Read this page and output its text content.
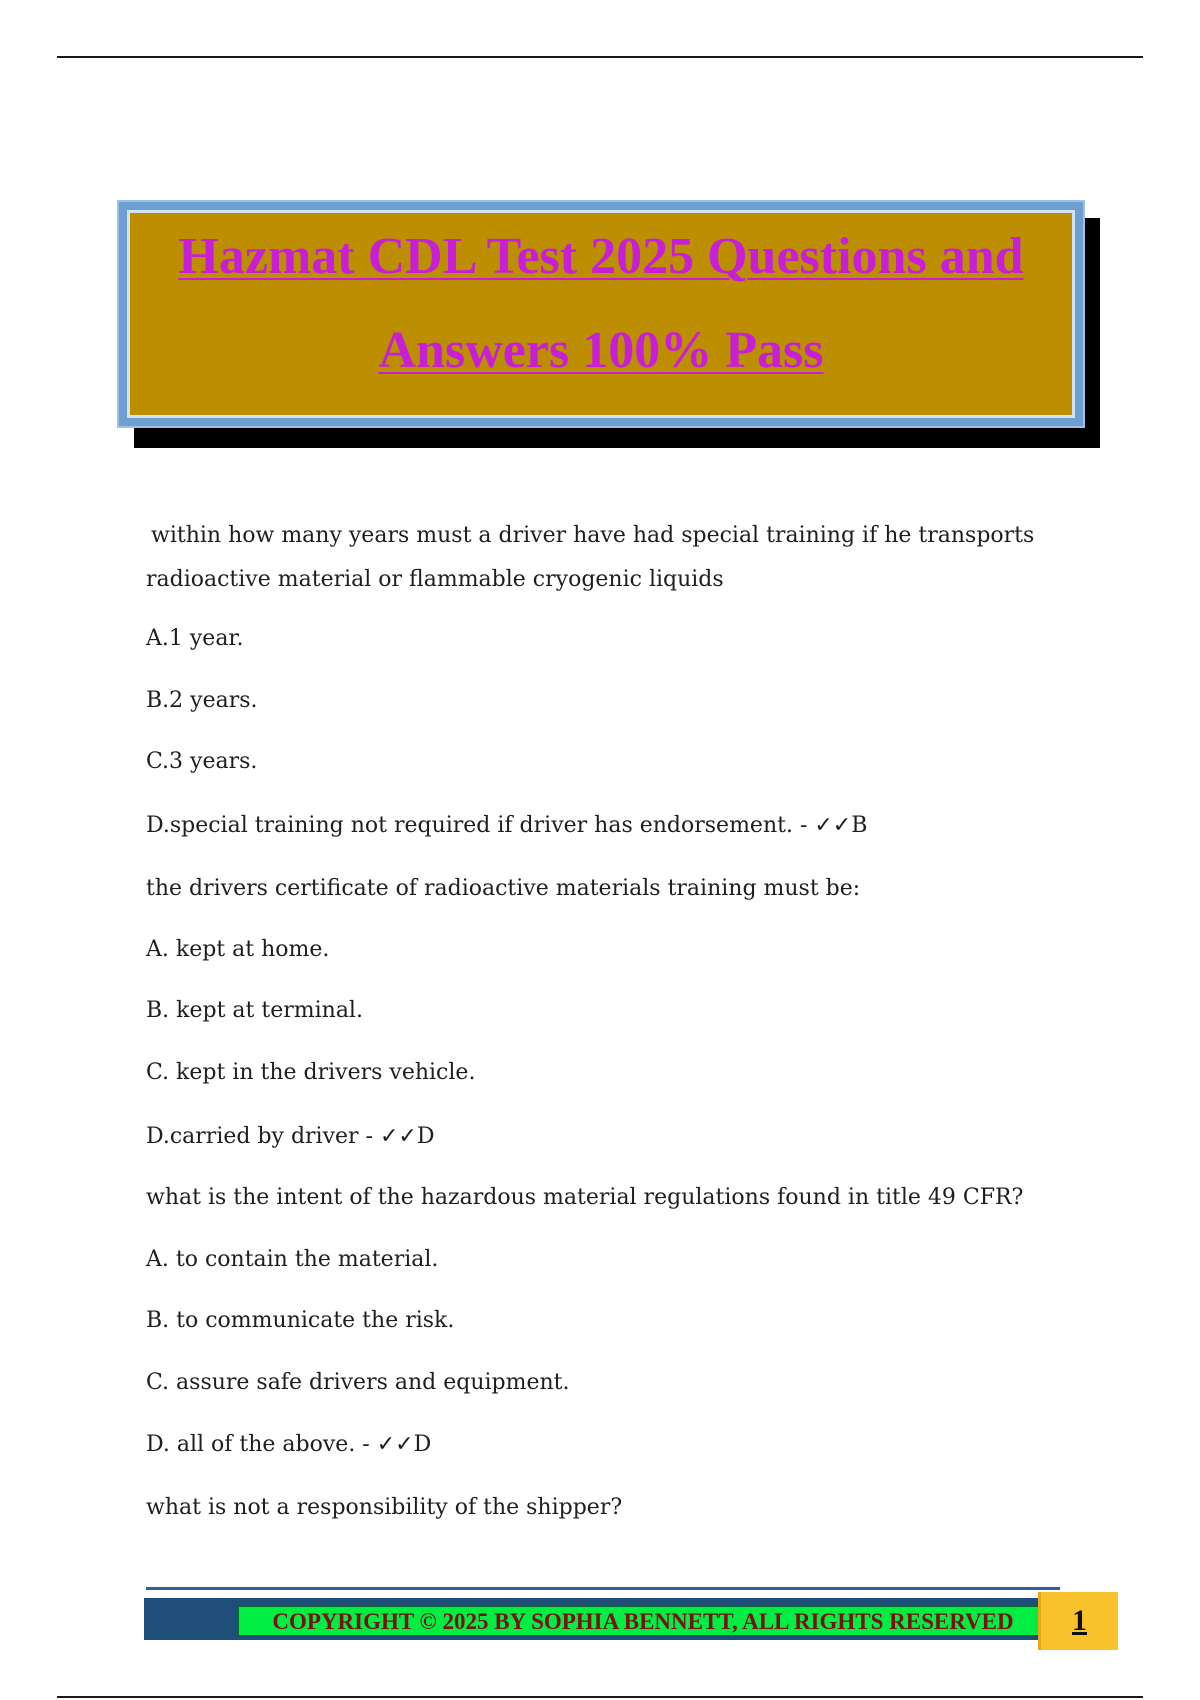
Hazmat CDL Test 2025 Questions and
Answers 100% Pass
within how many years must a driver have had special training if he transports
radioactive material or flammable cryogenic liquids
A.1 year.
B.2 years.
C.3 years.
D.special training not required if driver has endorsement. - ✓✓B
the drivers certificate of radioactive materials training must be:
A. kept at home.
B. kept at terminal.
C. kept in the drivers vehicle.
D.carried by driver - ✓✓D
what is the intent of the hazardous material regulations found in title 49 CFR?
A. to contain the material.
B. to communicate the risk.
C. assure safe drivers and equipment.
D. all of the above. - ✓✓D
what is not a responsibility of the shipper?
COPYRIGHT © 2025 BY SOPHIA BENNETT, ALL RIGHTS RESERVED	1
